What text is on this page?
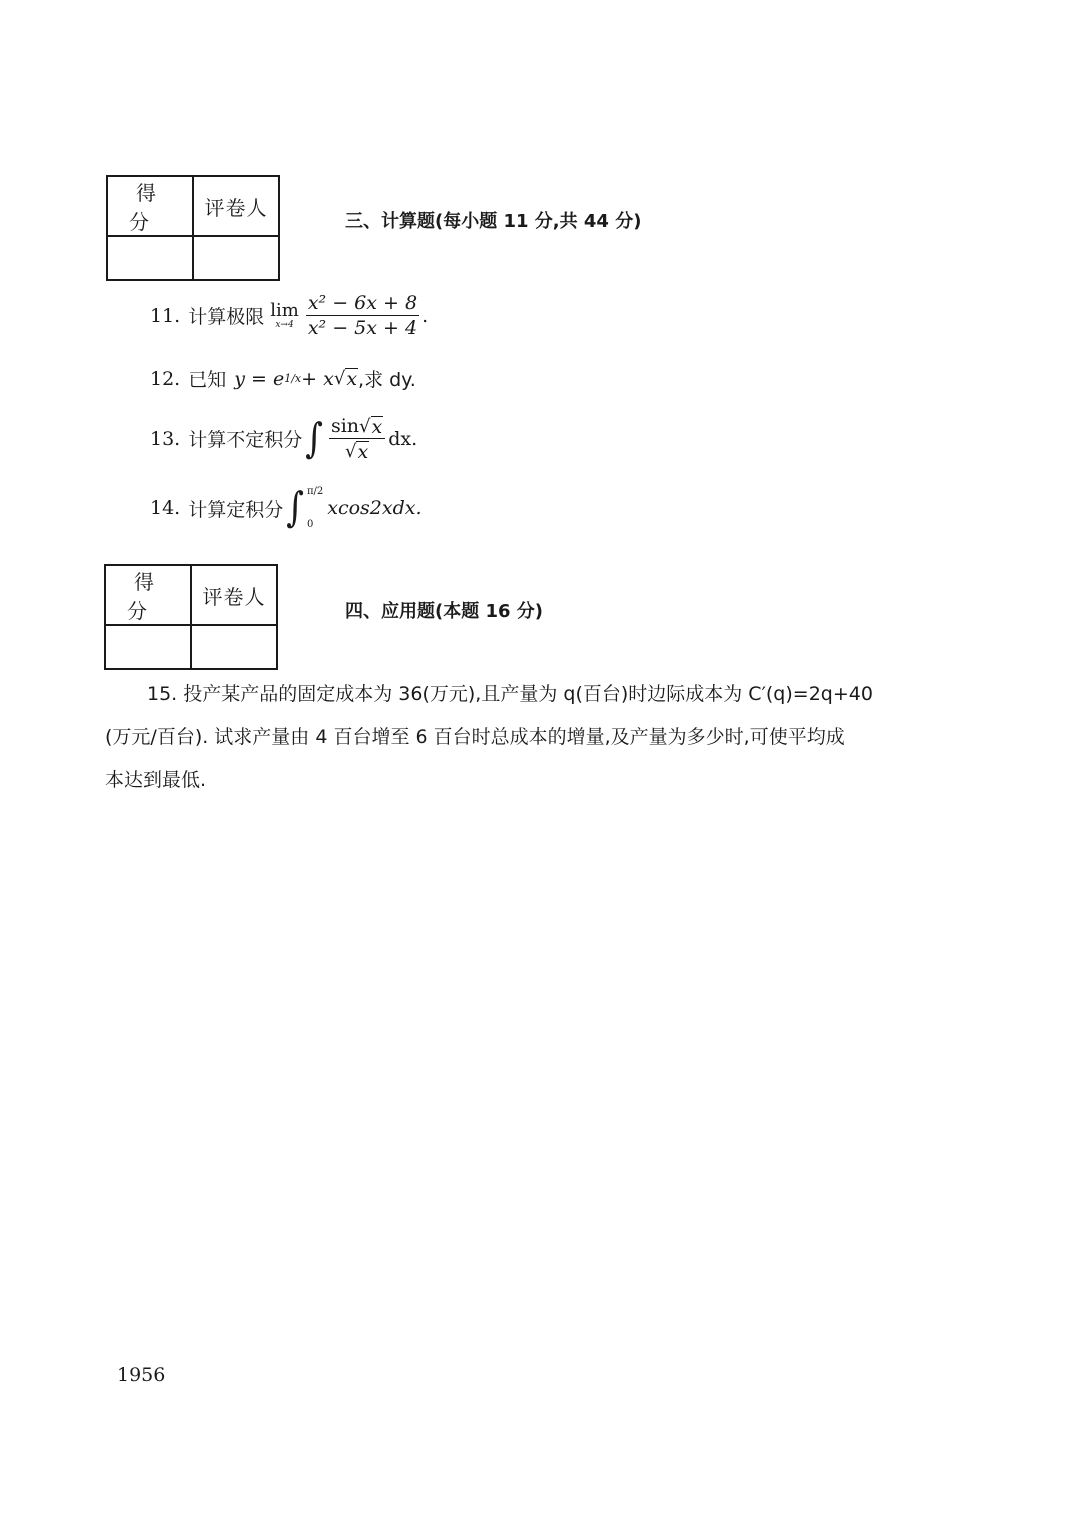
得 分	评卷人

三、计算题(每小题 11 分,共 44 分)
11. 计算极限 lim
$x\to 4 \frac{\text{x² − 6x + 8}}{\text{x² − 5x + 4}}$ .
12. 已知 y = e 1/x + x √ x ,求 dy.
13. 计算不定积分 ∫ $\frac{\sin √ x}{√ x}$ dx.
14. 计算定积分 ∫ π/2
0
xcos2xdx.
得 分	评卷人

四、应用题(本题 16 分)
15. 投产某产品的固定成本为 36(万元),且产量为 q(百台)时边际成本为 C′(q)=2q+40
(万元/百台). 试求产量由 4 百台增至 6 百台时总成本的增量,及产量为多少时,可使平均成
本达到最低.
1956
